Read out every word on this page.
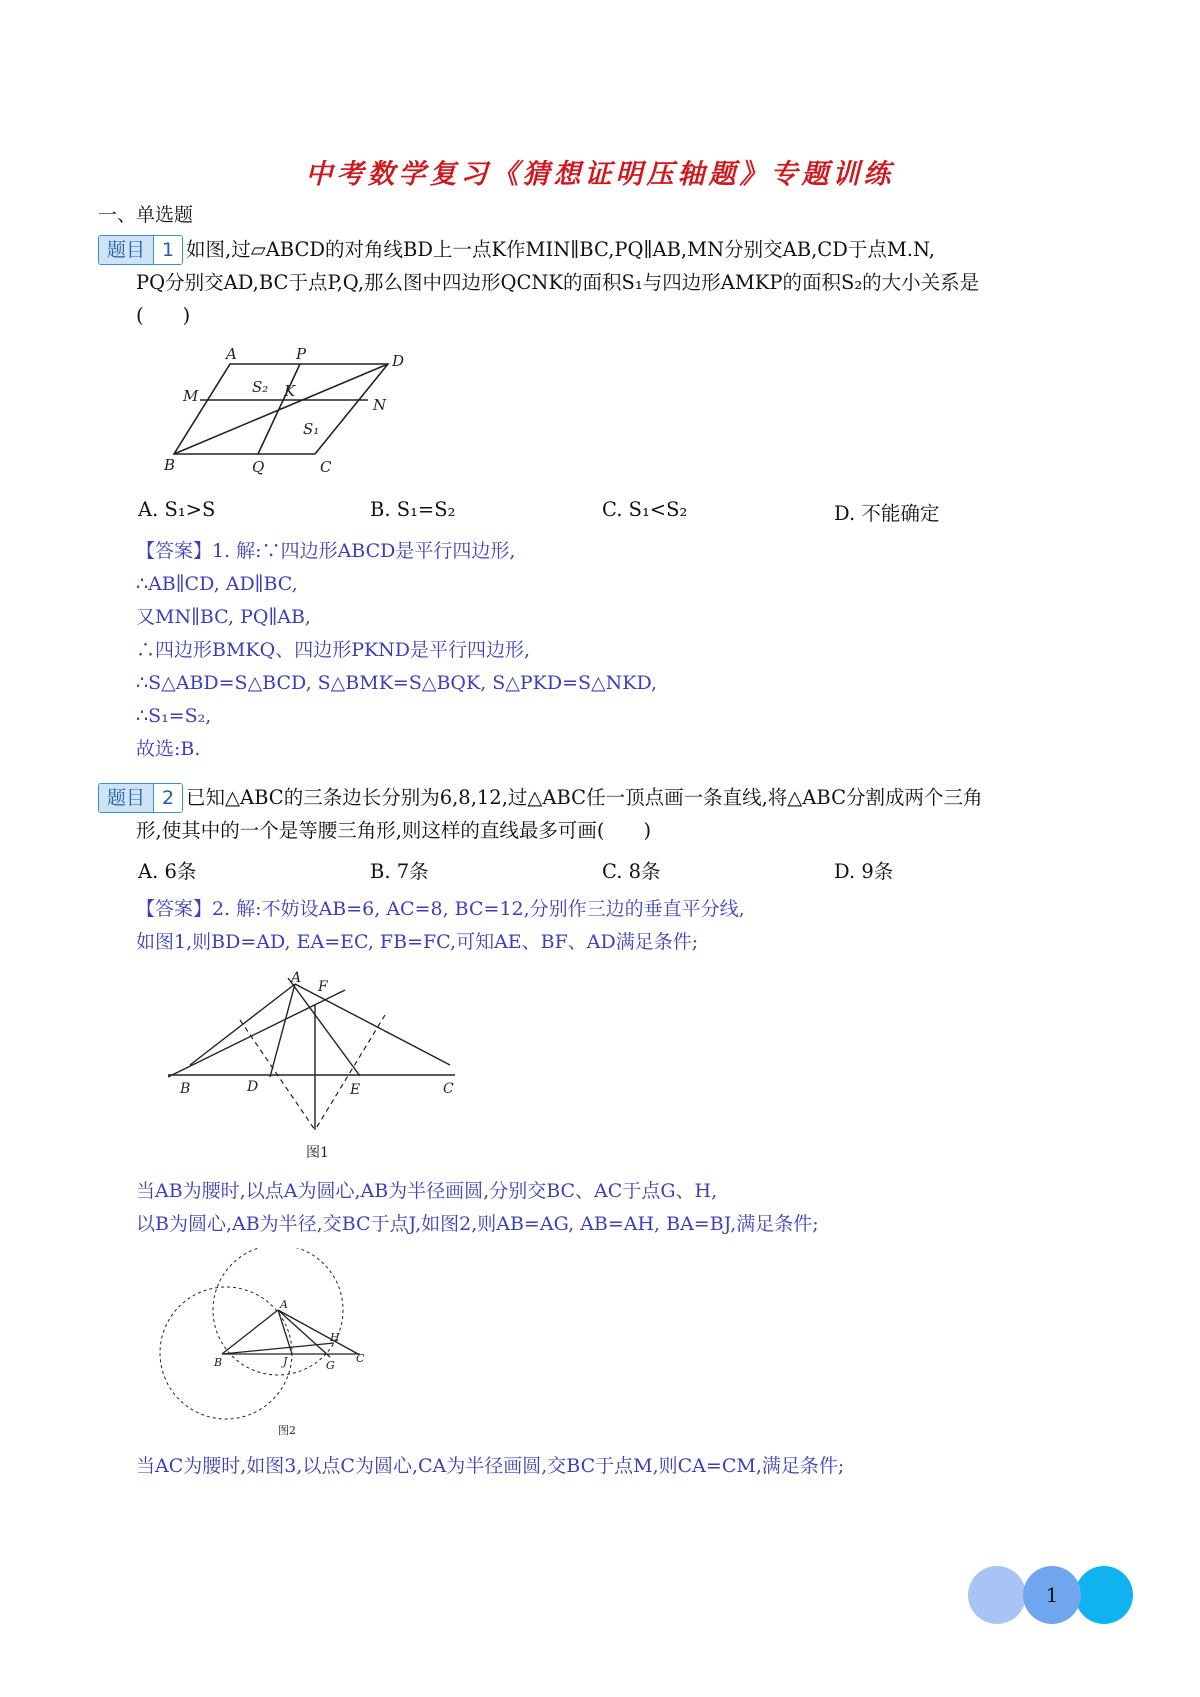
中考数学复习《猜想证明压轴题》专题训练
一、单选题
题目 1 如图,过▱ABCD的对角线BD上一点K作MIN∥BC,PQ∥AB,MN分别交AB,CD于点M.N,
PQ分别交AD,BC于点P,Q,那么图中四边形QCNK的面积S₁与四边形AMKP的面积S₂的大小关系是
(　　)
A	P	D
M	S₂ K
N
S₁
B	Q	C
A. S₁>S	B. S₁=S₂	C. S₁<S₂	D. 不能确定
【答案】1. 解:∵四边形ABCD是平行四边形,
∴AB∥CD, AD∥BC,
又MN∥BC, PQ∥AB,
∴四边形BMKQ、四边形PKND是平行四边形,
∴S△ABD=S△BCD, S△BMK=S△BQK, S△PKD=S△NKD,
∴S₁=S₂,
故选:B.
题目 2 已知△ABC的三条边长分别为6,8,12,过△ABC任一顶点画一条直线,将△ABC分割成两个三角
形,使其中的一个是等腰三角形,则这样的直线最多可画(　　)
A. 6条	B. 7条	C. 8条	D. 9条
【答案】2. 解:不妨设AB=6, AC=8, BC=12,分别作三边的垂直平分线,
如图1,则BD=AD, EA=EC, FB=FC,可知AE、BF、AD满足条件;
A
F
B	D	E	C
图1
当AB为腰时,以点A为圆心,AB为半径画圆,分别交BC、AC于点G、H,
以B为圆心,AB为半径,交BC于点J,如图2,则AB=AG, AB=AH, BA=BJ,满足条件;
A
H
B	J	G
C
图2
当AC为腰时,如图3,以点C为圆心,CA为半径画圆,交BC于点M,则CA=CM,满足条件;
1
